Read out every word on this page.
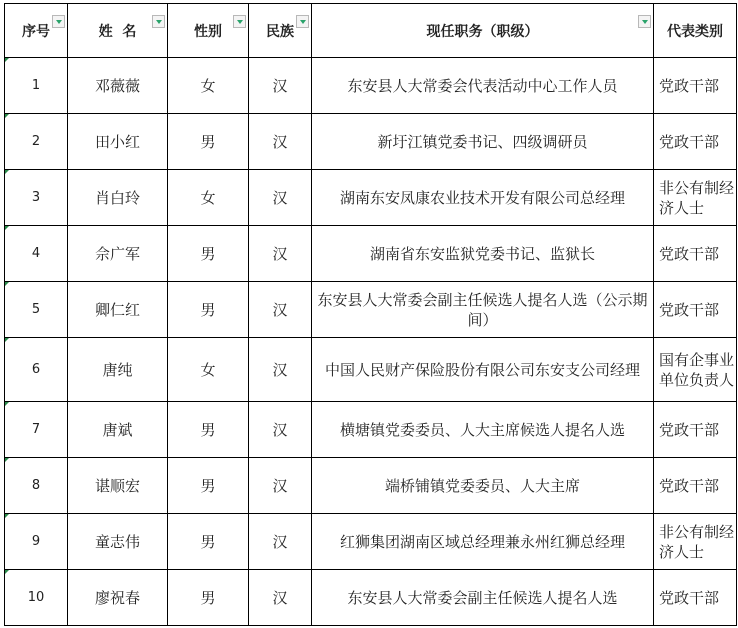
序号	姓  名	性别	民族	现任职务（职级）	代表类别

1	邓薇薇	女	汉	东安县人大常委会代表活动中心工作人员	党政干部

2	田小红	男	汉	新圩江镇党委书记、四级调研员	党政干部

3	肖白玲	女	汉	湖南东安凤康农业技术开发有限公司总经理	非公有制经济人士

4	佘广军	男	汉	湖南省东安监狱党委书记、监狱长	党政干部

5	卿仁红	男	汉	东安县人大常委会副主任候选人提名人选（公示期间）	党政干部

6	唐纯	女	汉	中国人民财产保险股份有限公司东安支公司经理	国有企事业单位负责人

7	唐斌	男	汉	横塘镇党委委员、人大主席候选人提名人选	党政干部

8	谌顺宏	男	汉	端桥铺镇党委委员、人大主席	党政干部

9	童志伟	男	汉	红狮集团湖南区域总经理兼永州红狮总经理	非公有制经济人士

10	廖祝春	男	汉	东安县人大常委会副主任候选人提名人选	党政干部
